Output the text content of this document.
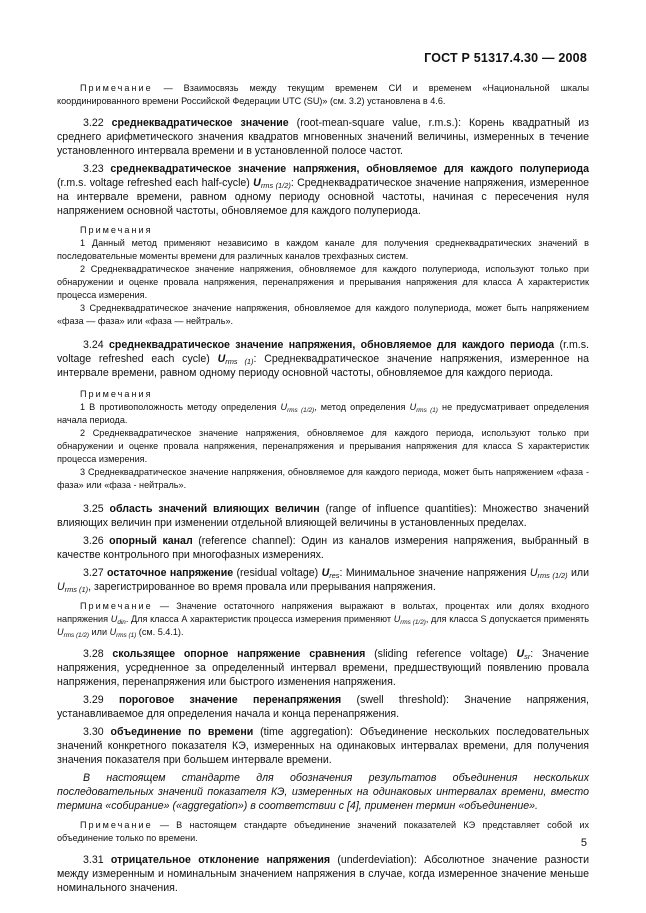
ГОСТ Р 51317.4.30 — 2008

Примечание — Взаимосвязь между текущим временем СИ и временем «Национальной шкалы координированного времени Российской Федерации UTC (SU)» (см. 3.2) установлена в 4.6.

3.22 среднеквадратическое значение (root-mean-square value, r.m.s.): Корень квадратный из среднего арифметического значения квадратов мгновенных значений величины, измеренных в течение установленного интервала времени и в установленной полосе частот.

3.23 среднеквадратическое значение напряжения, обновляемое для каждого полупериода (r.m.s. voltage refreshed each half-cycle) $U_{rms (1/2)}$: Среднеквадратическое значение напряжения, измеренное на интервале времени, равном одному периоду основной частоты, начиная с пересечения нуля напряжением основной частоты, обновляемое для каждого полупериода.

Примечания

1 Данный метод применяют независимо в каждом канале для получения среднеквадратических значений в последовательные моменты времени для различных каналов трехфазных систем.

2 Среднеквадратическое значение напряжения, обновляемое для каждого полупериода, используют только при обнаружении и оценке провала напряжения, перенапряжения и прерывания напряжения для класса А характеристик процесса измерения.

3 Среднеквадратическое значение напряжения, обновляемое для каждого полупериода, может быть напряжением «фаза — фаза» или «фаза — нейтраль».

3.24 среднеквадратическое значение напряжения, обновляемое для каждого периода (r.m.s. voltage refreshed each cycle) $U_{rms (1)}$: Среднеквадратическое значение напряжения, измеренное на интервале времени, равном одному периоду основной частоты, обновляемое для каждого периода.

Примечания

1 В противоположность методу определения $U_{rms (1/2)}$, метод определения $U_{rms (1)}$ не предусматривает определения начала периода.

2 Среднеквадратическое значение напряжения, обновляемое для каждого периода, используют только при обнаружении и оценке провала напряжения, перенапряжения и прерывания напряжения для класса S характеристик процесса измерения.

3 Среднеквадратическое значение напряжения, обновляемое для каждого периода, может быть напряжением «фаза - фаза» или «фаза - нейтраль».

3.25 область значений влияющих величин (range of influence quantities): Множество значений влияющих величин при изменении отдельной влияющей величины в установленных пределах.

3.26 опорный канал (reference channel): Один из каналов измерения напряжения, выбранный в качестве контрольного при многофазных измерениях.

3.27 остаточное напряжение (residual voltage) $U_{res}$: Минимальное значение напряжения $U_{rms (1/2)}$ или $U_{rms (1)}$, зарегистрированное во время провала или прерывания напряжения.

Примечание — Значение остаточного напряжения выражают в вольтах, процентах или долях входного напряжения $U_{din}$. Для класса А характеристик процесса измерения применяют $U_{rms (1/2)}$, для класса S допускается применять $U_{rms (1/2)}$ или $U_{rms (1)}$ (см. 5.4.1).

3.28 скользящее опорное напряжение сравнения (sliding reference voltage) $U_{sr}$: Значение напряжения, усредненное за определенный интервал времени, предшествующий появлению провала напряжения, перенапряжения или быстрого изменения напряжения.

3.29 пороговое значение перенапряжения (swell threshold): Значение напряжения, устанавливаемое для определения начала и конца перенапряжения.

3.30 объединение по времени (time aggregation): Объединение нескольких последовательных значений конкретного показателя КЭ, измеренных на одинаковых интервалах времени, для получения значения показателя при большем интервале времени.

В настоящем стандарте для обозначения результатов объединения нескольких последовательных значений показателя КЭ, измеренных на одинаковых интервалах времени, вместо термина «собирание» («aggregation») в соответствии с [4], применен термин «объединение».

Примечание — В настоящем стандарте объединение значений показателей КЭ представляет собой их объединение только по времени.

3.31 отрицательное отклонение напряжения (underdeviation): Абсолютное значение разности между измеренным и номинальным значением напряжения в случае, когда измеренное значение меньше номинального значения.

5
